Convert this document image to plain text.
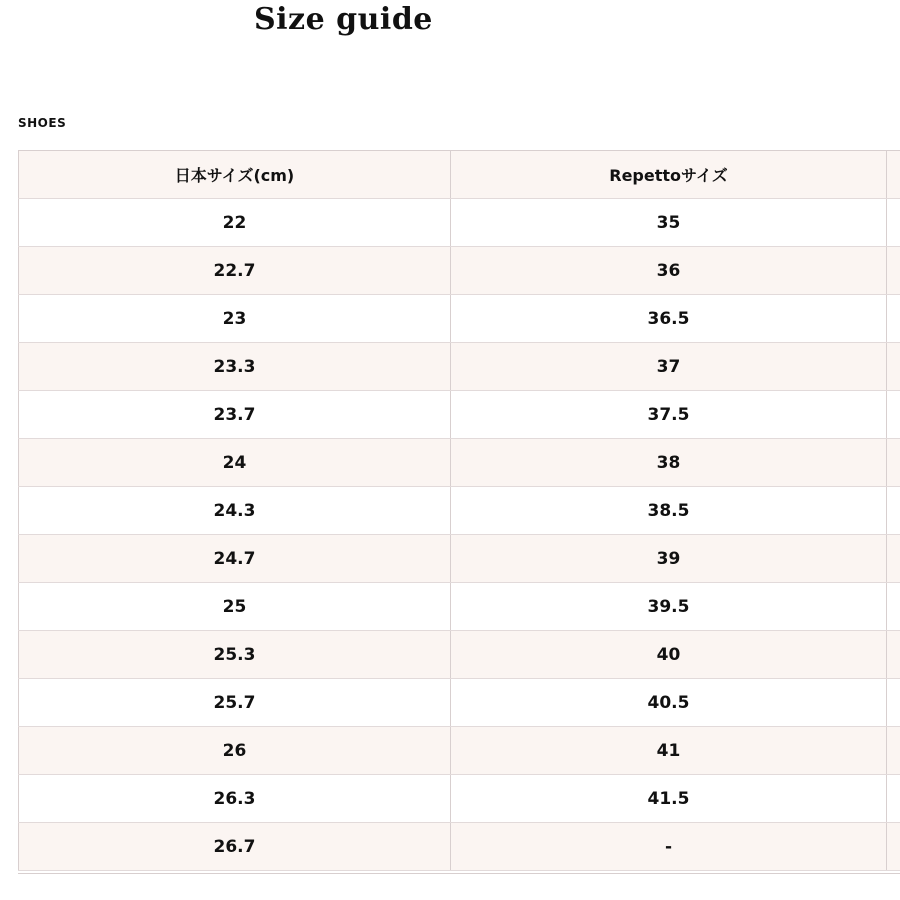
Size guide
SHOES
日本サイズ(cm)	Repettoサイズ	
22	35	
22.7	36	
23	36.5	
23.3	37	
23.7	37.5	
24	38	
24.3	38.5	
24.7	39	
25	39.5	
25.3	40	
25.7	40.5	
26	41	
26.3	41.5	
26.7	-	
